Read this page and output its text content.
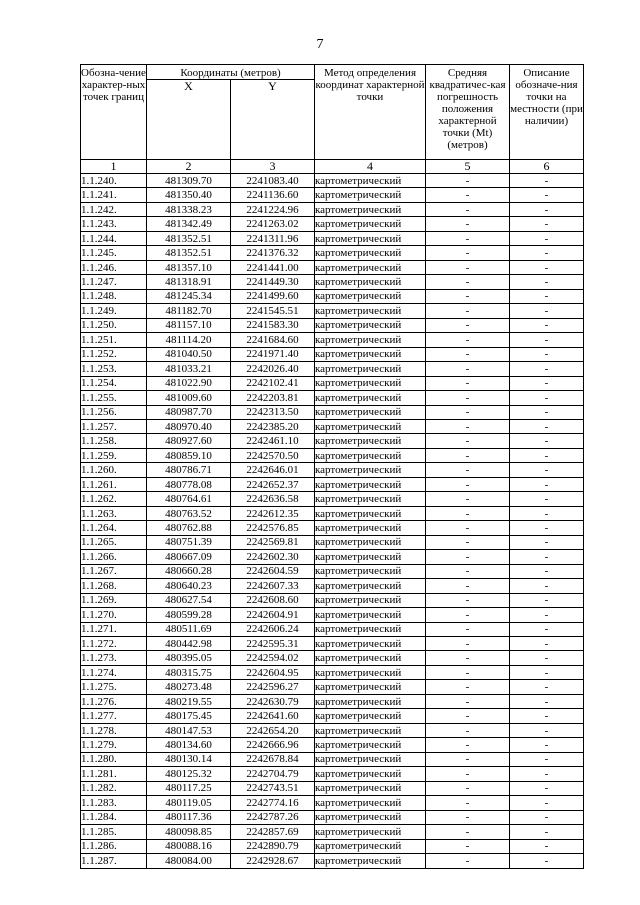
7
Обозна-чение характер-ных точек границ	Координаты (метров)		Метод определения координат характерной точки	Средняя квадратичес-кая погрешность положения характерной точки (Mt) (метров)	Описание обозначе-ния точки на местности (при наличии)
	X	Y			
1	2	3	4	5	6
1.1.240.	481309.70	2241083.40	картометрический	-	-
1.1.241.	481350.40	2241136.60	картометрический	-	-
1.1.242.	481338.23	2241224.96	картометрический	-	-
1.1.243.	481342.49	2241263.02	картометрический	-	-
1.1.244.	481352.51	2241311.96	картометрический	-	-
1.1.245.	481352.51	2241376.32	картометрический	-	-
1.1.246.	481357.10	2241441.00	картометрический	-	-
1.1.247.	481318.91	2241449.30	картометрический	-	-
1.1.248.	481245.34	2241499.60	картометрический	-	-
1.1.249.	481182.70	2241545.51	картометрический	-	-
1.1.250.	481157.10	2241583.30	картометрический	-	-
1.1.251.	481114.20	2241684.60	картометрический	-	-
1.1.252.	481040.50	2241971.40	картометрический	-	-
1.1.253.	481033.21	2242026.40	картометрический	-	-
1.1.254.	481022.90	2242102.41	картометрический	-	-
1.1.255.	481009.60	2242203.81	картометрический	-	-
1.1.256.	480987.70	2242313.50	картометрический	-	-
1.1.257.	480970.40	2242385.20	картометрический	-	-
1.1.258.	480927.60	2242461.10	картометрический	-	-
1.1.259.	480859.10	2242570.50	картометрический	-	-
1.1.260.	480786.71	2242646.01	картометрический	-	-
1.1.261.	480778.08	2242652.37	картометрический	-	-
1.1.262.	480764.61	2242636.58	картометрический	-	-
1.1.263.	480763.52	2242612.35	картометрический	-	-
1.1.264.	480762.88	2242576.85	картометрический	-	-
1.1.265.	480751.39	2242569.81	картометрический	-	-
1.1.266.	480667.09	2242602.30	картометрический	-	-
1.1.267.	480660.28	2242604.59	картометрический	-	-
1.1.268.	480640.23	2242607.33	картометрический	-	-
1.1.269.	480627.54	2242608.60	картометрический	-	-
1.1.270.	480599.28	2242604.91	картометрический	-	-
1.1.271.	480511.69	2242606.24	картометрический	-	-
1.1.272.	480442.98	2242595.31	картометрический	-	-
1.1.273.	480395.05	2242594.02	картометрический	-	-
1.1.274.	480315.75	2242604.95	картометрический	-	-
1.1.275.	480273.48	2242596.27	картометрический	-	-
1.1.276.	480219.55	2242630.79	картометрический	-	-
1.1.277.	480175.45	2242641.60	картометрический	-	-
1.1.278.	480147.53	2242654.20	картометрический	-	-
1.1.279.	480134.60	2242666.96	картометрический	-	-
1.1.280.	480130.14	2242678.84	картометрический	-	-
1.1.281.	480125.32	2242704.79	картометрический	-	-
1.1.282.	480117.25	2242743.51	картометрический	-	-
1.1.283.	480119.05	2242774.16	картометрический	-	-
1.1.284.	480117.36	2242787.26	картометрический	-	-
1.1.285.	480098.85	2242857.69	картометрический	-	-
1.1.286.	480088.16	2242890.79	картометрический	-	-
1.1.287.	480084.00	2242928.67	картометрический	-	-
